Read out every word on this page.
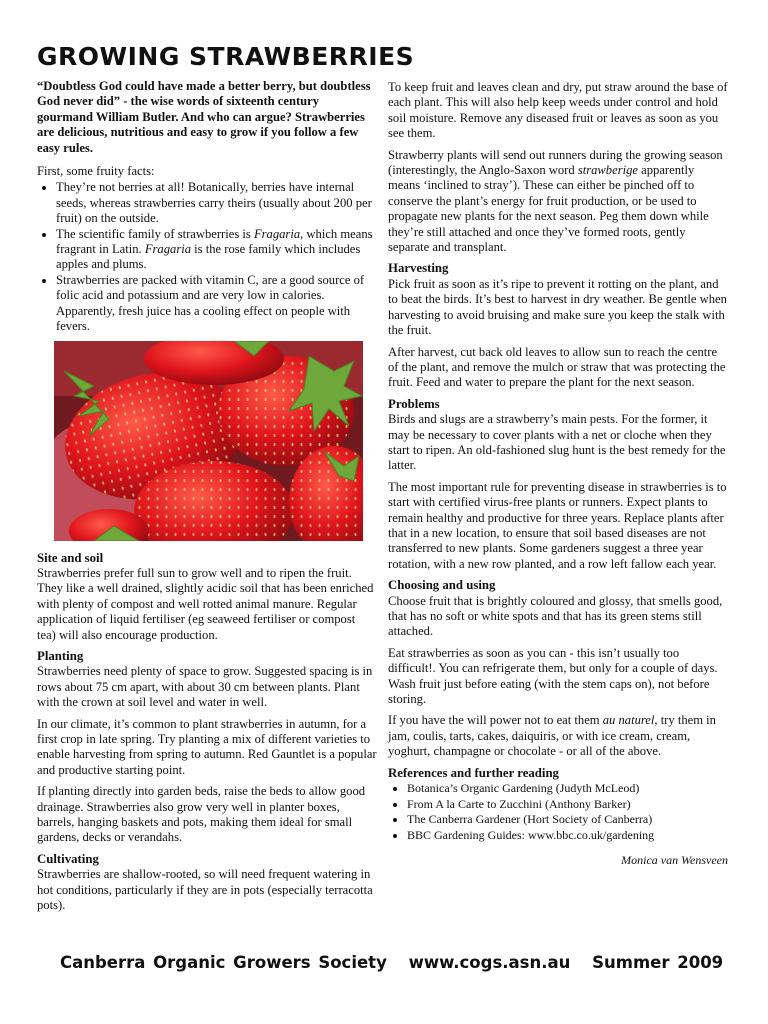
GROWING STRAWBERRIES

“Doubtless God could have made a better berry, but doubtless God never did” - the wise words of sixteenth century gourmand William Butler. And who can argue? Strawberries are delicious, nutritious and easy to grow if you follow a few easy rules.

First, some fruity facts:

• They’re not berries at all! Botanically, berries have internal seeds, whereas strawberries carry theirs (usually about 200 per fruit) on the outside.
• The scientific family of strawberries is Fragaria, which means fragrant in Latin. Fragaria is the rose family which includes apples and plums.
• Strawberries are packed with vitamin C, are a good source of folic acid and potassium and are very low in calories. Apparently, fresh juice has a cooling effect on people with fevers.
Site and soil

Strawberries prefer full sun to grow well and to ripen the fruit. They like a well drained, slightly acidic soil that has been enriched with plenty of compost and well rotted animal manure. Regular application of liquid fertiliser (eg seaweed fertiliser or compost tea) will also encourage production.

Planting

Strawberries need plenty of space to grow. Suggested spacing is in rows about 75 cm apart, with about 30 cm between plants. Plant with the crown at soil level and water in well.

In our climate, it’s common to plant strawberries in autumn, for a first crop in late spring. Try planting a mix of different varieties to enable harvesting from spring to autumn. Red Gauntlet is a popular and productive starting point.

If planting directly into garden beds, raise the beds to allow good drainage. Strawberries also grow very well in planter boxes, barrels, hanging baskets and pots, making them ideal for small gardens, decks or verandahs.

Cultivating

Strawberries are shallow-rooted, so will need frequent watering in hot conditions, particularly if they are in pots (especially terracotta pots).

To keep fruit and leaves clean and dry, put straw around the base of each plant. This will also help keep weeds under control and hold soil moisture. Remove any diseased fruit or leaves as soon as you see them.

Strawberry plants will send out runners during the growing season (interestingly, the Anglo-Saxon word strawberige apparently means ‘inclined to stray’). These can either be pinched off to conserve the plant’s energy for fruit production, or be used to propagate new plants for the next season. Peg them down while they’re still attached and once they’ve formed roots, gently separate and transplant.

Harvesting

Pick fruit as soon as it’s ripe to prevent it rotting on the plant, and to beat the birds. It’s best to harvest in dry weather. Be gentle when harvesting to avoid bruising and make sure you keep the stalk with the fruit.

After harvest, cut back old leaves to allow sun to reach the centre of the plant, and remove the mulch or straw that was protecting the fruit. Feed and water to prepare the plant for the next season.

Problems

Birds and slugs are a strawberry’s main pests. For the former, it may be necessary to cover plants with a net or cloche when they start to ripen. An old-fashioned slug hunt is the best remedy for the latter.

The most important rule for preventing disease in strawberries is to start with certified virus-free plants or runners. Expect plants to remain healthy and productive for three years. Replace plants after that in a new location, to ensure that soil based diseases are not transferred to new plants. Some gardeners suggest a three year rotation, with a new row planted, and a row left fallow each year.

Choosing and using

Choose fruit that is brightly coloured and glossy, that smells good, that has no soft or white spots and that has its green stems still attached.

Eat strawberries as soon as you can - this isn’t usually too difficult!. You can refrigerate them, but only for a couple of days. Wash fruit just before eating (with the stem caps on), not before storing.

If you have the will power not to eat them au naturel, try them in jam, coulis, tarts, cakes, daiquiris, or with ice cream, cream, yoghurt, champagne or chocolate - or all of the above.

References and further reading
• Botanica’s Organic Gardening (Judyth McLeod)
• From A la Carte to Zucchini (Anthony Barker)
• The Canberra Gardener (Hort Society of Canberra)
• BBC Gardening Guides: www.bbc.co.uk/gardening
Monica van Wensveen
Canberra Organic Growers Society www.cogs.asn.au Summer 2009
